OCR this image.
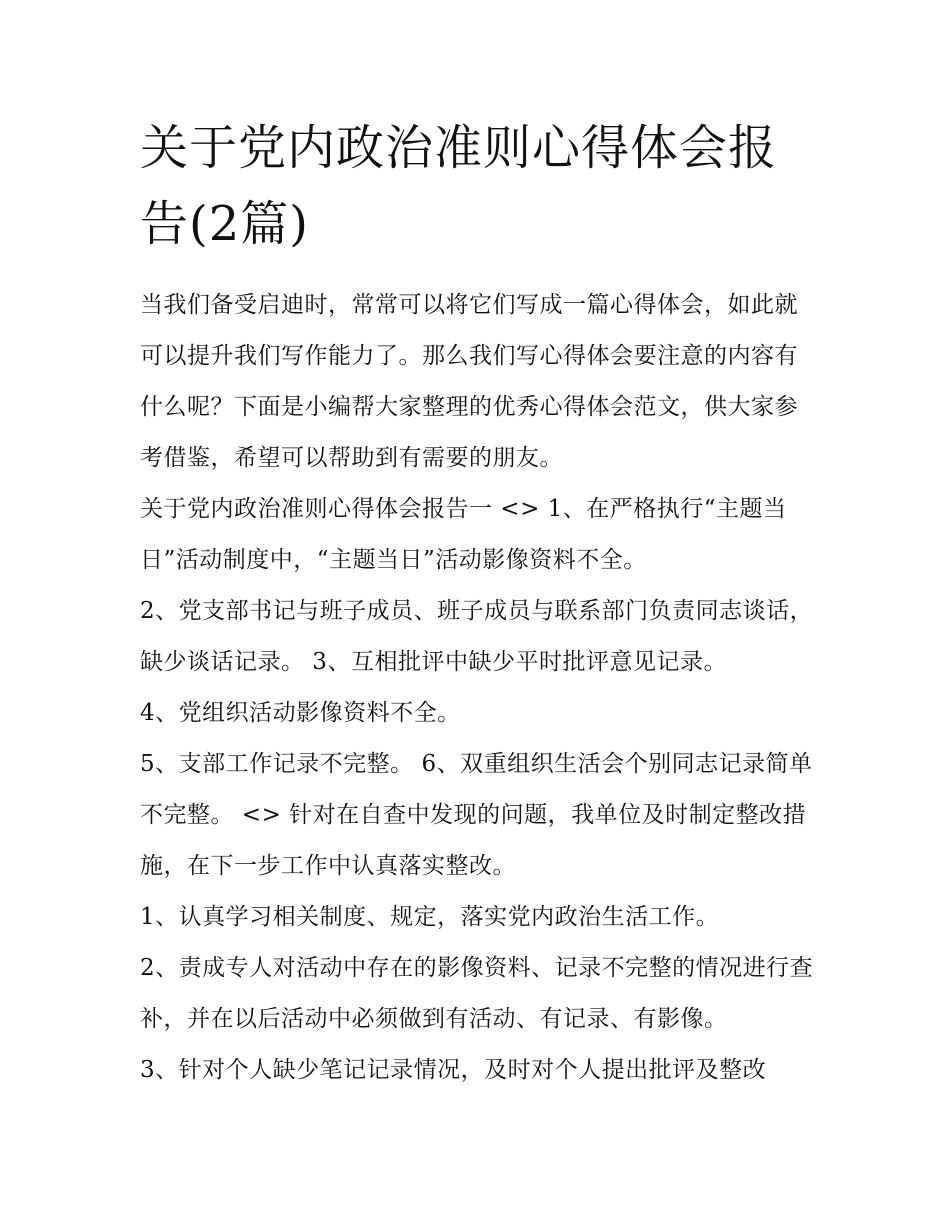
关于党内政治准则心得体会报告(2篇)

当我们备受启迪时，常常可以将它们写成一篇心得体会，如此就可以提升我们写作能力了。那么我们写心得体会要注意的内容有什么呢？下面是小编帮大家整理的优秀心得体会范文，供大家参考借鉴，希望可以帮助到有需要的朋友。

关于党内政治准则心得体会报告一 <> 1、在严格执行“主题当日”活动制度中，“主题当日”活动影像资料不全。

2、党支部书记与班子成员、班子成员与联系部门负责同志谈话，缺少谈话记录。 3、互相批评中缺少平时批评意见记录。

4、党组织活动影像资料不全。

5、支部工作记录不完整。 6、双重组织生活会个别同志记录简单不完整。 <> 针对在自查中发现的问题，我单位及时制定整改措施，在下一步工作中认真落实整改。

1、认真学习相关制度、规定，落实党内政治生活工作。

2、责成专人对活动中存在的影像资料、记录不完整的情况进行查补，并在以后活动中必须做到有活动、有记录、有影像。

3、针对个人缺少笔记记录情况，及时对个人提出批评及整改
